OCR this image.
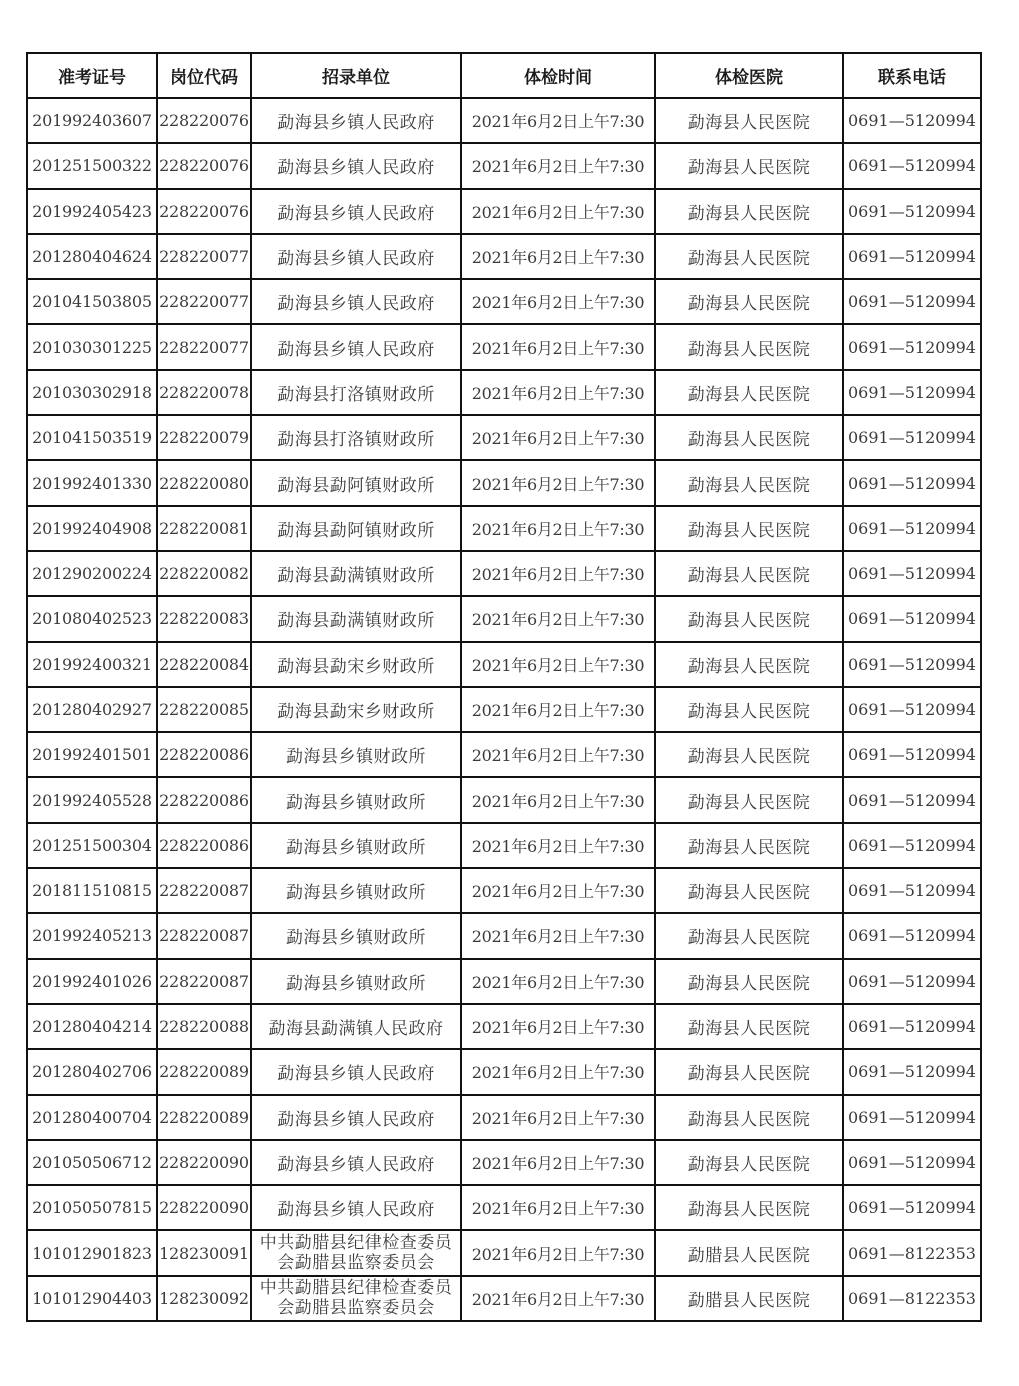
准考证号	岗位代码	招录单位	体检时间	体检医院	联系电话
201992403607	228220076	勐海县乡镇人民政府	2021年6月2日上午7:30	勐海县人民医院	0691—5120994
201251500322	228220076	勐海县乡镇人民政府	2021年6月2日上午7:30	勐海县人民医院	0691—5120994
201992405423	228220076	勐海县乡镇人民政府	2021年6月2日上午7:30	勐海县人民医院	0691—5120994
201280404624	228220077	勐海县乡镇人民政府	2021年6月2日上午7:30	勐海县人民医院	0691—5120994
201041503805	228220077	勐海县乡镇人民政府	2021年6月2日上午7:30	勐海县人民医院	0691—5120994
201030301225	228220077	勐海县乡镇人民政府	2021年6月2日上午7:30	勐海县人民医院	0691—5120994
201030302918	228220078	勐海县打洛镇财政所	2021年6月2日上午7:30	勐海县人民医院	0691—5120994
201041503519	228220079	勐海县打洛镇财政所	2021年6月2日上午7:30	勐海县人民医院	0691—5120994
201992401330	228220080	勐海县勐阿镇财政所	2021年6月2日上午7:30	勐海县人民医院	0691—5120994
201992404908	228220081	勐海县勐阿镇财政所	2021年6月2日上午7:30	勐海县人民医院	0691—5120994
201290200224	228220082	勐海县勐满镇财政所	2021年6月2日上午7:30	勐海县人民医院	0691—5120994
201080402523	228220083	勐海县勐满镇财政所	2021年6月2日上午7:30	勐海县人民医院	0691—5120994
201992400321	228220084	勐海县勐宋乡财政所	2021年6月2日上午7:30	勐海县人民医院	0691—5120994
201280402927	228220085	勐海县勐宋乡财政所	2021年6月2日上午7:30	勐海县人民医院	0691—5120994
201992401501	228220086	勐海县乡镇财政所	2021年6月2日上午7:30	勐海县人民医院	0691—5120994
201992405528	228220086	勐海县乡镇财政所	2021年6月2日上午7:30	勐海县人民医院	0691—5120994
201251500304	228220086	勐海县乡镇财政所	2021年6月2日上午7:30	勐海县人民医院	0691—5120994
201811510815	228220087	勐海县乡镇财政所	2021年6月2日上午7:30	勐海县人民医院	0691—5120994
201992405213	228220087	勐海县乡镇财政所	2021年6月2日上午7:30	勐海县人民医院	0691—5120994
201992401026	228220087	勐海县乡镇财政所	2021年6月2日上午7:30	勐海县人民医院	0691—5120994
201280404214	228220088	勐海县勐满镇人民政府	2021年6月2日上午7:30	勐海县人民医院	0691—5120994
201280402706	228220089	勐海县乡镇人民政府	2021年6月2日上午7:30	勐海县人民医院	0691—5120994
201280400704	228220089	勐海县乡镇人民政府	2021年6月2日上午7:30	勐海县人民医院	0691—5120994
201050506712	228220090	勐海县乡镇人民政府	2021年6月2日上午7:30	勐海县人民医院	0691—5120994
201050507815	228220090	勐海县乡镇人民政府	2021年6月2日上午7:30	勐海县人民医院	0691—5120994
101012901823	128230091	中共勐腊县纪律检查委员会勐腊县监察委员会	2021年6月2日上午7:30	勐腊县人民医院	0691—8122353
101012904403	128230092	中共勐腊县纪律检查委员会勐腊县监察委员会	2021年6月2日上午7:30	勐腊县人民医院	0691—8122353
